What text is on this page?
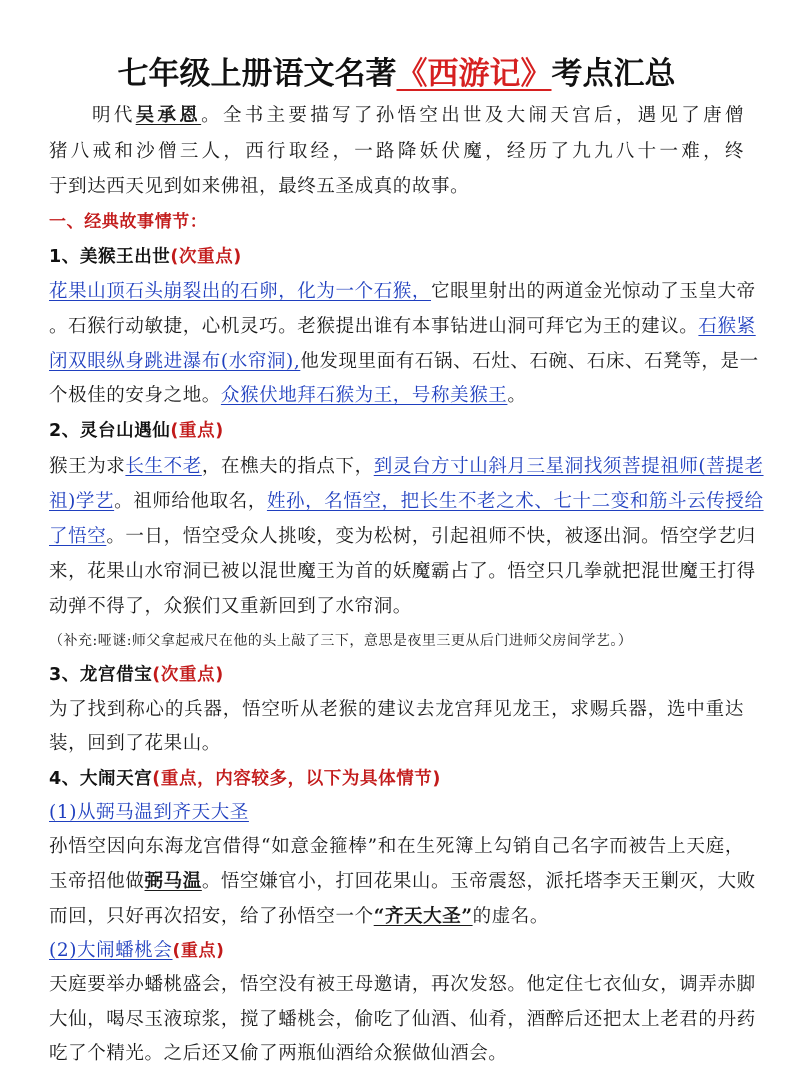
七年级上册语文名著《西游记》考点汇总
明代吴承恩。全书主要描写了孙悟空出世及大闹天宫后，遇见了唐僧
猪八戒和沙僧三人，西行取经，一路降妖伏魔，经历了九九八十一难，终
于到达西天见到如来佛祖，最终五圣成真的故事。
一、经典故事情节：
1、美猴王出世(次重点)
花果山顶石头崩裂出的石卵，化为一个石猴，它眼里射出的两道金光惊动了玉皇大帝
。石猴行动敏捷，心机灵巧。老猴提出谁有本事钻进山洞可拜它为王的建议。石猴紧
闭双眼纵身跳进瀑布(水帘洞),他发现里面有石锅、石灶、石碗、石床、石凳等，是一
个极佳的安身之地。众猴伏地拜石猴为王，号称美猴王。
2、灵台山遇仙(重点)
猴王为求长生不老，在樵夫的指点下，到灵台方寸山斜月三星洞找须菩提祖师(菩提老
祖)学艺。祖师给他取名，姓孙，名悟空，把长生不老之术、七十二变和筋斗云传授给
了悟空。一日，悟空受众人挑唆，变为松树，引起祖师不快，被逐出洞。悟空学艺归
来，花果山水帘洞已被以混世魔王为首的妖魔霸占了。悟空只几拳就把混世魔王打得
动弹不得了，众猴们又重新回到了水帘洞。
（补充:哑谜:师父拿起戒尺在他的头上敲了三下，意思是夜里三更从后门进师父房间学艺。）
3、龙宫借宝(次重点)
为了找到称心的兵器，悟空听从老猴的建议去龙宫拜见龙王，求赐兵器，选中重达
装，回到了花果山。
4、大闹天宫(重点，内容较多，以下为具体情节)
(1)从弼马温到齐天大圣
孙悟空因向东海龙宫借得“如意金箍棒”和在生死簿上勾销自己名字而被告上天庭，
玉帝招他做弼马温。悟空嫌官小，打回花果山。玉帝震怒，派托塔李天王剿灭，大败
而回，只好再次招安，给了孙悟空一个“齐天大圣”的虚名。
(2)大闹蟠桃会(重点)
天庭要举办蟠桃盛会，悟空没有被王母邀请，再次发怒。他定住七衣仙女，调弄赤脚
大仙，喝尽玉液琼浆，搅了蟠桃会，偷吃了仙酒、仙肴，酒醉后还把太上老君的丹药
吃了个精光。之后还又偷了两瓶仙酒给众猴做仙酒会。
